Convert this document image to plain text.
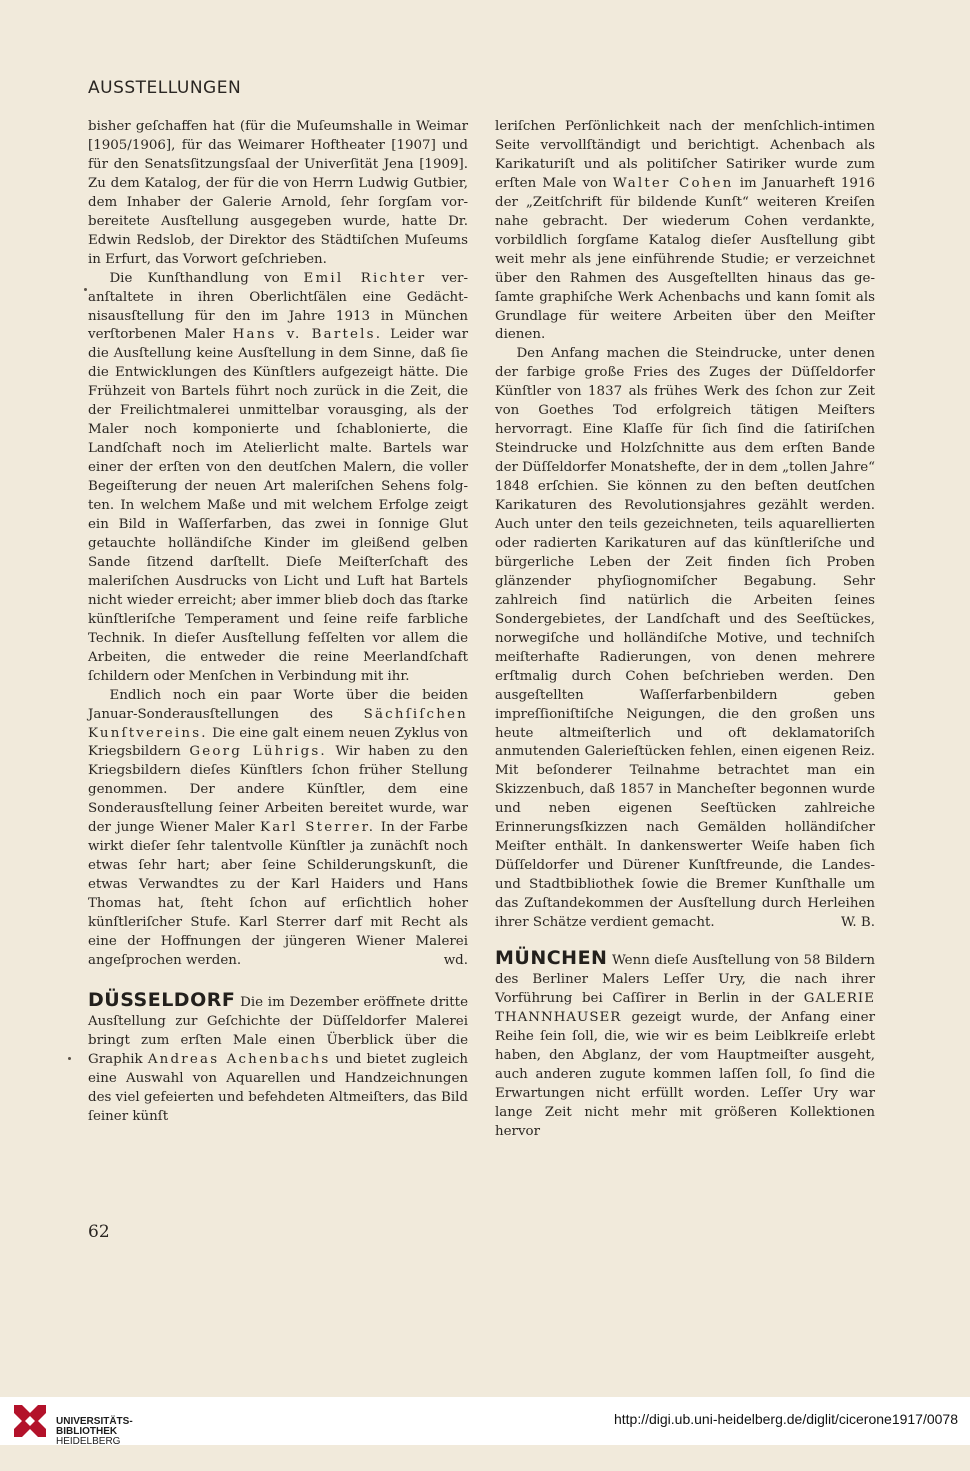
AUSSTELLUNGEN

bisher geſchaffen hat (für die Muſeumshalle in Weimar [1905/1906], für das Weimarer Hoftheater [1907] und für den Senatsſitzungsſaal der Univerſität Jena [1909]. Zu dem Katalog, der für die von Herrn Ludwig Gutbier, dem Inhaber der Galerie Arnold, ſehr ſorgſam vorbereitete Ausſtellung ausgegeben wurde, hatte Dr. Edwin Redslob, der Direktor des Städtiſchen Muſeums in Erfurt, das Vorwort geſchrieben.

Die Kunſthandlung von Emil Richter veranſtaltete in ihren Oberlichtſälen eine Gedächtnisausſtellung für den im Jahre 1913 in München verſtorbenen Maler Hans v. Bartels. Leider war die Ausſtellung keine Ausſtellung in dem Sinne, daß ſie die Entwicklungen des Künſtlers aufgezeigt hätte. Die Frühzeit von Bartels führt noch zurück in die Zeit, die der Freilichtmalerei unmittelbar vorausging, als der Maler noch komponierte und ſchablonierte, die Landſchaft noch im Atelierlicht malte. Bartels war einer der erſten von den deutſchen Malern, die voller Begeiſterung der neuen Art maleriſchen Sehens folgten. In welchem Maße und mit welchem Erfolge zeigt ein Bild in Waſſerfarben, das zwei in ſonnige Glut getauchte holländiſche Kinder im gleißend gelben Sande ſitzend darſtellt. Dieſe Meiſterſchaft des maleriſchen Ausdrucks von Licht und Luft hat Bartels nicht wieder erreicht; aber immer blieb doch das ſtarke künſtleriſche Temperament und ſeine reife farbliche Technik. In dieſer Ausſtellung feſſelten vor allem die Arbeiten, die entweder die reine Meerlandſchaft ſchildern oder Menſchen in Verbindung mit ihr.

Endlich noch ein paar Worte über die beiden Januar-Sonderausſtellungen des Sächſiſchen Kunſtvereins. Die eine galt einem neuen Zyklus von Kriegsbildern Georg Lührigs. Wir haben zu den Kriegsbildern dieſes Künſtlers ſchon früher Stellung genommen. Der andere Künſtler, dem eine Sonderausſtellung ſeiner Arbeiten bereitet wurde, war der junge Wiener Maler Karl Sterrer. In der Farbe wirkt dieſer ſehr talentvolle Künſtler ja zunächſt noch etwas ſehr hart; aber ſeine Schilderungskunſt, die etwas Verwandtes zu der Karl Haiders und Hans Thomas hat, ſteht ſchon auf erſichtlich hoher künſtleriſcher Stufe. Karl Sterrer darf mit Recht als eine der Hoffnungen der jüngeren Wiener Malerei angeſprochen werden.	wd.

DÜSSELDORF Die im Dezember eröffnete dritte Ausſtellung zur Geſchichte der Düſſeldorfer Malerei bringt zum erſten Male einen Überblick über die Graphik Andreas Achenbachs und bietet zugleich eine Auswahl von Aquarellen und Handzeichnungen des viel gefeierten und befehdeten Altmeiſters, das Bild ſeiner künſt

leriſchen Perſönlichkeit nach der menſchlich-intimen Seite vervollſtändigt und berichtigt. Achenbach als Karikaturiſt und als politiſcher Satiriker wurde zum erſten Male von Walter Cohen im Januarheft 1916 der „Zeitſchrift für bildende Kunſt“ weiteren Kreiſen nahe gebracht. Der wiederum Cohen verdankte, vorbildlich ſorgſame Katalog dieſer Ausſtellung gibt weit mehr als jene einführende Studie; er verzeichnet über den Rahmen des Ausgeſtellten hinaus das geſamte graphiſche Werk Achenbachs und kann ſomit als Grundlage für weitere Arbeiten über den Meiſter dienen.

Den Anfang machen die Steindrucke, unter denen der farbige große Fries des Zuges der Düſſeldorfer Künſtler von 1837 als frühes Werk des ſchon zur Zeit von Goethes Tod erfolgreich tätigen Meiſters hervorragt. Eine Klaſſe für ſich ſind die ſatiriſchen Steindrucke und Holzſchnitte aus dem erſten Bande der Düſſeldorfer Monatshefte, der in dem „tollen Jahre“ 1848 erſchien. Sie können zu den beſten deutſchen Karikaturen des Revolutionsjahres gezählt werden. Auch unter den teils gezeichneten, teils aquarellierten oder radierten Karikaturen auf das künſtleriſche und bürgerliche Leben der Zeit finden ſich Proben glänzender phyſiognomiſcher Begabung. Sehr zahlreich ſind natürlich die Arbeiten ſeines Sondergebietes, der Landſchaft und des Seeſtückes, norwegiſche und holländiſche Motive, und techniſch meiſterhafte Radierungen, von denen mehrere erſtmalig durch Cohen beſchrieben werden. Den ausgeſtellten Waſſerfarbenbildern geben impreſſioniſtiſche Neigungen, die den großen uns heute altmeiſterlich und oft deklamatoriſch anmutenden Galerieſtücken fehlen, einen eigenen Reiz. Mit beſonderer Teilnahme betrachtet man ein Skizzenbuch, daß 1857 in Mancheſter begonnen wurde und neben eigenen Seeſtücken zahlreiche Erinnerungsſkizzen nach Gemälden holländiſcher Meiſter enthält. In dankenswerter Weiſe haben ſich Düſſeldorfer und Dürener Kunſtfreunde, die Landes- und Stadtbibliothek ſowie die Bremer Kunſthalle um das Zuſtandekommen der Ausſtellung durch Herleihen ihrer Schätze verdient gemacht.	W. B.

MÜNCHEN Wenn dieſe Ausſtellung von 58 Bildern des Berliner Malers Leſſer Ury, die nach ihrer Vorführung bei Caſſirer in Berlin in der GALERIE THANNHAUSER gezeigt wurde, der Anfang einer Reihe ſein ſoll, die, wie wir es beim Leiblkreiſe erlebt haben, den Abglanz, der vom Hauptmeiſter ausgeht, auch anderen zugute kommen laſſen ſoll, ſo ſind die Erwartungen nicht erfüllt worden. Leſſer Ury war lange Zeit nicht mehr mit größeren Kollektionen hervor

62
UNIVERSITÄTS-
BIBLIOTHEK
HEIDELBERG
http://digi.ub.uni-heidelberg.de/diglit/cicerone1917/0078
